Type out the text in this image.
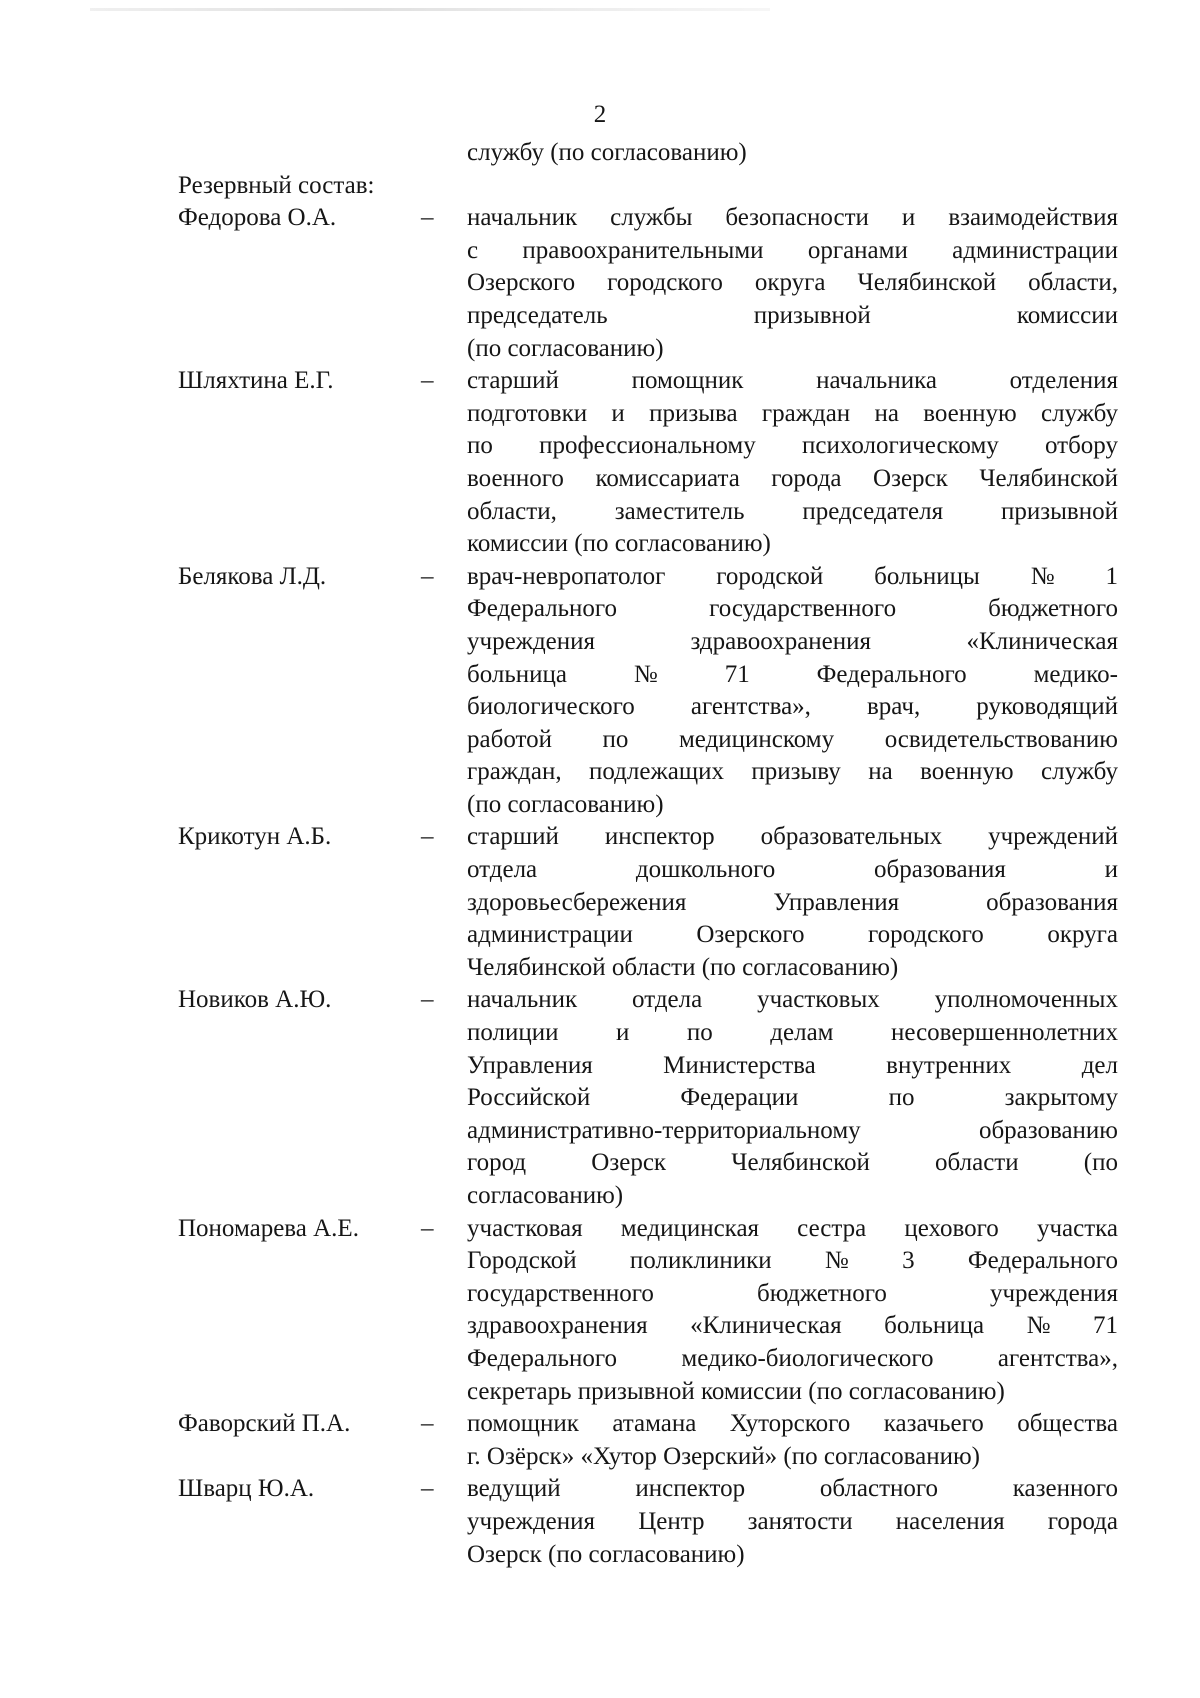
2
службу (по согласованию)
Резервный состав:
Федорова О.А.	–	начальник службы безопасности и взаимодействия
с правоохранительными органами администрации
Озерского городского округа Челябинской области,
председатель	призывной	комиссии
(по согласованию)
Шляхтина Е.Г.	–	старший	помощник	начальника	отделения
подготовки и призыва граждан на военную службу
по профессиональному психологическому отбору
военного комиссариата города Озерск Челябинской
области, заместитель председателя призывной
комиссии (по согласованию)
Белякова Л.Д.	–	врач-невропатолог городской больницы № 1
Федерального	государственного	бюджетного
учреждения	здравоохранения	«Клиническая
больница	№	71	Федерального	медико-
биологического агентства», врач, руководящий
работой по медицинскому освидетельствованию
граждан, подлежащих призыву на военную службу
(по согласованию)
Крикотун А.Б.	–	старший инспектор образовательных учреждений
отдела	дошкольного	образования	и
здоровьесбережения	Управления	образования
администрации	Озерского	городского	округа
Челябинской области (по согласованию)
Новиков А.Ю.	–	начальник отдела участковых уполномоченных
полиции и по делам несовершеннолетних
Управления	Министерства	внутренних	дел
Российской	Федерации	по	закрытому
административно-территориальному	образованию
город	Озерск	Челябинской	области	(по
согласованию)
Пономарева А.Е.	–	участковая медицинская сестра цехового участка
Городской поликлиники № 3 Федерального
государственного	бюджетного	учреждения
здравоохранения «Клиническая больница № 71
Федерального	медико-биологического	агентства»,
секретарь призывной комиссии (по согласованию)
Фаворский П.А.	–	помощник атамана Хуторского казачьего общества
г. Озёрск» «Хутор Озерский» (по согласованию)
Шварц Ю.А.	–	ведущий	инспектор	областного	казенного
учреждения Центр занятости населения города
Озерск (по согласованию)
